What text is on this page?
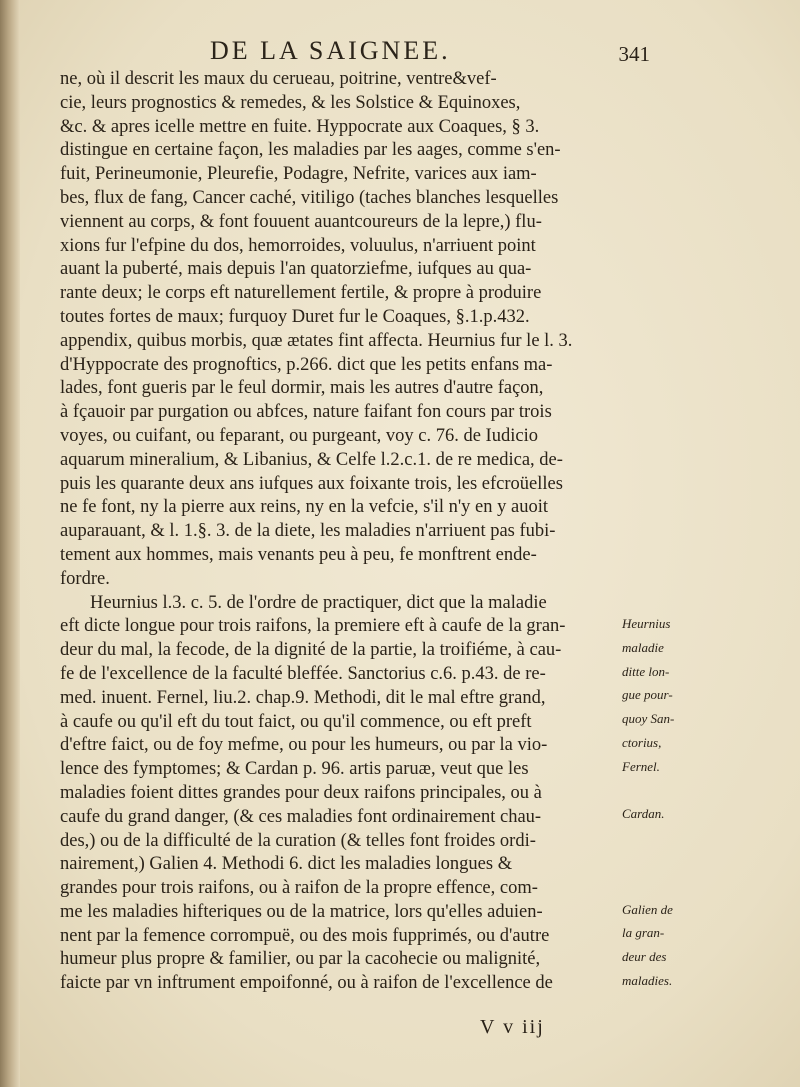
DE LA SAIGNEE.	341
ne, où il descrit les maux du cerueau, poitrine, ventre&vef-
cie, leurs prognostics & remedes, & les Solstice & Equinoxes,
&c. & apres icelle mettre en fuite. Hyppocrate aux Coaques, § 3.
distingue en certaine façon, les maladies par les aages, comme s'en-
fuit, Perineumonie, Pleurefie, Podagre, Nefrite, varices aux iam-
bes, flux de fang, Cancer caché, vitiligo (taches blanches lesquelles
viennent au corps, & font fouuent auantcoureurs de la lepre,) flu-
xions fur l'efpine du dos, hemorroides, voluulus, n'arriuent point
auant la puberté, mais depuis l'an quatorziefme, iufques au qua-
rante deux; le corps eft naturellement fertile, & propre à produire
toutes fortes de maux; furquoy Duret fur le Coaques, §.1.p.432.
appendix, quibus morbis, quæ ætates fint affecta. Heurnius fur le l. 3.
d'Hyppocrate des prognoftics, p.266. dict que les petits enfans ma-
lades, font gueris par le feul dormir, mais les autres d'autre façon,
à fçauoir par purgation ou abfces, nature faifant fon cours par trois
voyes, ou cuifant, ou feparant, ou purgeant, voy c. 76. de Iudicio
aquarum mineralium, & Libanius, & Celfe l.2.c.1. de re medica, de-
puis les quarante deux ans iufques aux foixante trois, les efcroüelles
ne fe font, ny la pierre aux reins, ny en la vefcie, s'il n'y en y auoit
auparauant, & l. 1.§. 3. de la diete, les maladies n'arriuent pas fubi-
tement aux hommes, mais venants peu à peu, fe monftrent ende-
fordre.
Heurnius l.3. c. 5. de l'ordre de practiquer, dict que la maladie
eft dicte longue pour trois raifons, la premiere eft à caufe de la gran-
deur du mal, la fecode, de la dignité de la partie, la troifiéme, à cau-
fe de l'excellence de la faculté bleffée. Sanctorius c.6. p.43. de re-
med. inuent. Fernel, liu.2. chap.9. Methodi, dit le mal eftre grand,
à caufe ou qu'il eft du tout faict, ou qu'il commence, ou eft preft
d'eftre faict, ou de foy mefme, ou pour les humeurs, ou par la vio-
lence des fymptomes; & Cardan p. 96. artis paruæ, veut que les
maladies foient dittes grandes pour deux raifons principales, ou à
caufe du grand danger, (& ces maladies font ordinairement chau-
des,) ou de la difficulté de la curation (& telles font froides ordi-
nairement,) Galien 4. Methodi 6. dict les maladies longues &
grandes pour trois raifons, ou à raifon de la propre effence, com-
me les maladies hifteriques ou de la matrice, lors qu'elles aduien-
nent par la femence corrompuë, ou des mois fupprimés, ou d'autre
humeur plus propre & familier, ou par la cacohecie ou malignité,
faicte par vn inftrument empoifonné, ou à raifon de l'excellence de
Heurnius
maladie
ditte lon-
gue pour-
quoy San-
ctorius,
Fernel.
Cardan.
Galien de
la gran-
deur des
maladies.
V v iij
